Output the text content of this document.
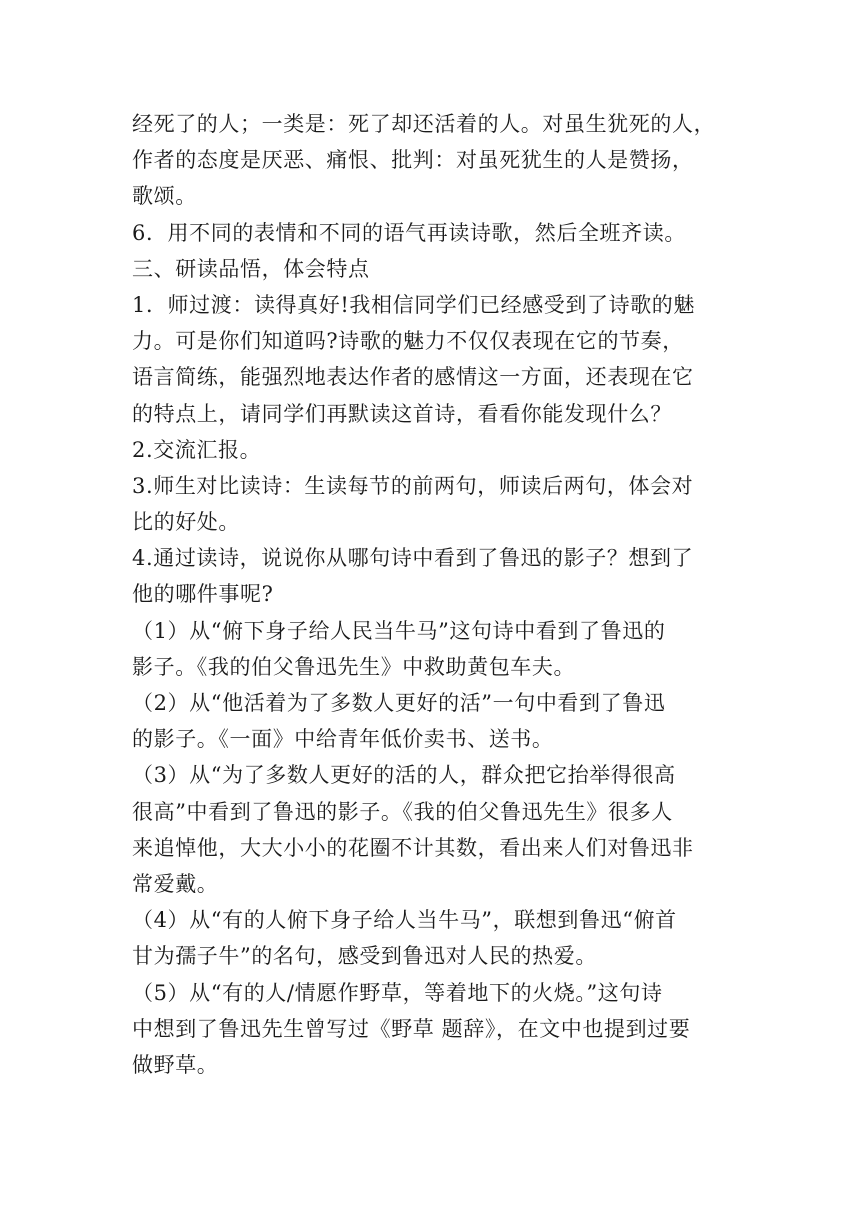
经死了的人；一类是：死了却还活着的人。对虽生犹死的人，
作者的态度是厌恶、痛恨、批判：对虽死犹生的人是赞扬，
歌颂。
6．用不同的表情和不同的语气再读诗歌，然后全班齐读。
三、研读品悟，体会特点
1．师过渡：读得真好!我相信同学们已经感受到了诗歌的魅
力。可是你们知道吗?诗歌的魅力不仅仅表现在它的节奏，
语言简练，能强烈地表达作者的感情这一方面，还表现在它
的特点上，请同学们再默读这首诗，看看你能发现什么？
2.交流汇报。
3.师生对比读诗：生读每节的前两句，师读后两句，体会对
比的好处。
4.通过读诗，说说你从哪句诗中看到了鲁迅的影子？想到了
他的哪件事呢?
（1）从“俯下身子给人民当牛马”这句诗中看到了鲁迅的
影子。《我的伯父鲁迅先生》中救助黄包车夫。
（2）从“他活着为了多数人更好的活”一句中看到了鲁迅
的影子。《一面》中给青年低价卖书、送书。
（3）从“为了多数人更好的活的人，群众把它抬举得很高
很高”中看到了鲁迅的影子。《我的伯父鲁迅先生》很多人
来追悼他，大大小小的花圈不计其数，看出来人们对鲁迅非
常爱戴。
（4）从“有的人俯下身子给人当牛马”，联想到鲁迅“俯首
甘为孺子牛”的名句，感受到鲁迅对人民的热爱。
（5）从“有的人/情愿作野草，等着地下的火烧。”这句诗
中想到了鲁迅先生曾写过《野草 题辞》，在文中也提到过要
做野草。
